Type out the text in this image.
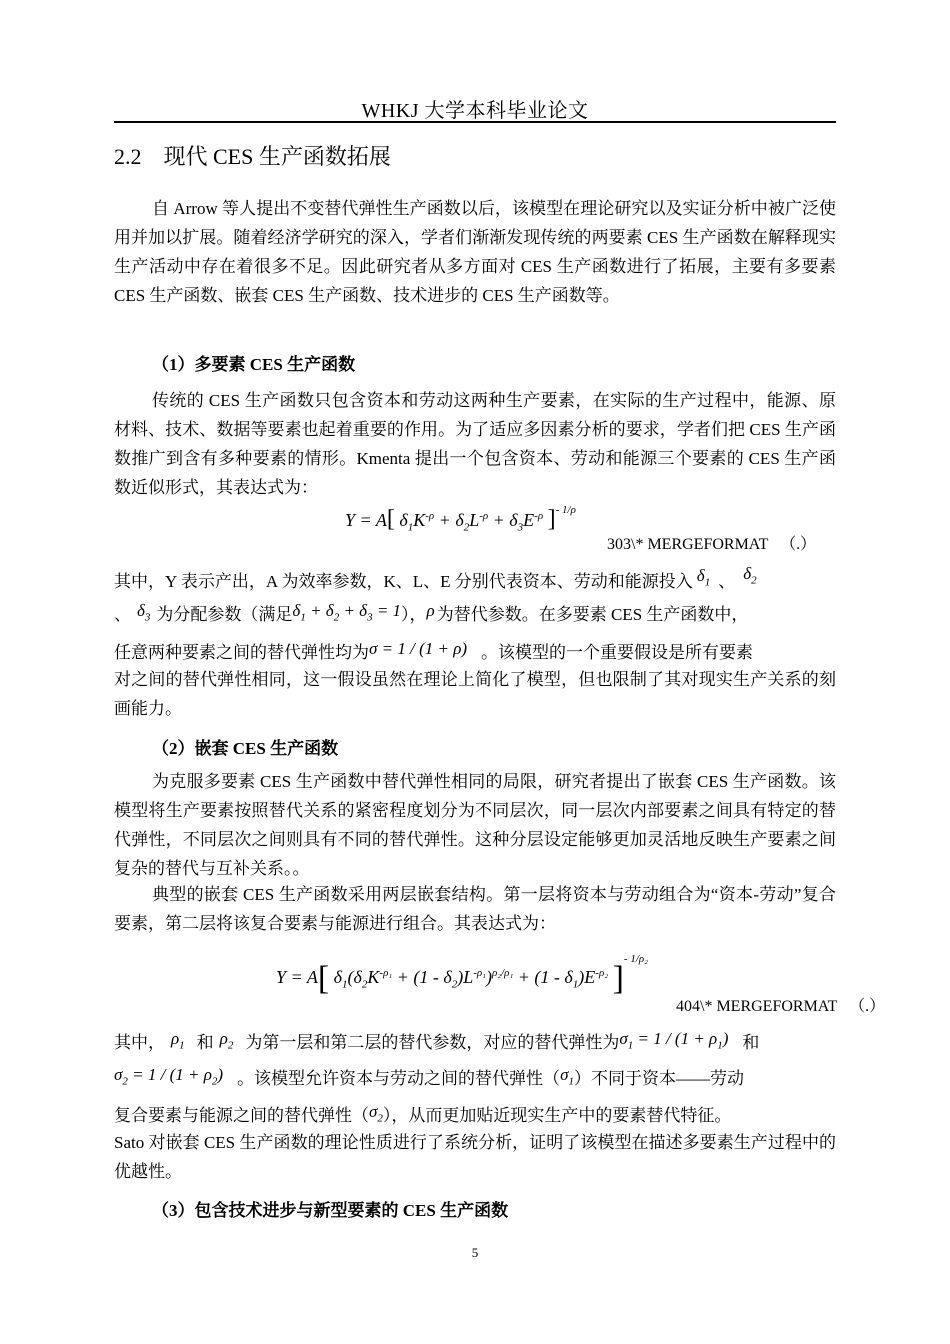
WHKJ 大学本科毕业论文
2.2　现代 CES 生产函数拓展
自 Arrow 等人提出不变替代弹性生产函数以后，该模型在理论研究以及实证分析中被广泛使用并加以扩展。随着经济学研究的深入，学者们渐渐发现传统的两要素 CES 生产函数在解释现实生产活动中存在着很多不足。因此研究者从多方面对 CES 生产函数进行了拓展，主要有多要素 CES 生产函数、嵌套 CES 生产函数、技术进步的 CES 生产函数等。
（1）多要素 CES 生产函数
传统的 CES 生产函数只包含资本和劳动这两种生产要素，在实际的生产过程中，能源、原材料、技术、数据等要素也起着重要的作用。为了适应多因素分析的要求，学者们把 CES 生产函数推广到含有多种要素的情形。Kmenta 提出一个包含资本、劳动和能源三个要素的 CES 生产函数近似形式，其表达式为：
Y = A[ $\delta_1K^{-\rho} + \delta_2L^{-\rho} + \delta_3E^{-\rho}$ ]$^{- 1/\rho}$
303\* MERGEFORMAT 　（.）
其中，Y 表示产出，A 为效率参数，K、L、E 分别代表资本、劳动和能源投入 $\delta_1$ 、 $\delta_2$
、 $\delta_3$ 为分配参数（满足$\delta_1 + \delta_2 + \delta_3 = 1$），ρ 为替代参数。在多要素 CES 生产函数中，
任意两种要素之间的替代弹性均为σ = 1 / (1 + ρ) 。该模型的一个重要假设是所有要素
对之间的替代弹性相同，这一假设虽然在理论上简化了模型，但也限制了其对现实生产关系的刻画能力。
（2）嵌套 CES 生产函数
为克服多要素 CES 生产函数中替代弹性相同的局限，研究者提出了嵌套 CES 生产函数。该模型将生产要素按照替代关系的紧密程度划分为不同层次，同一层次内部要素之间具有特定的替代弹性，不同层次之间则具有不同的替代弹性。这种分层设定能够更加灵活地反映生产要素之间复杂的替代与互补关系。。
典型的嵌套 CES 生产函数采用两层嵌套结构。第一层将资本与劳动组合为“资本-劳动”复合要素，第二层将该复合要素与能源进行组合。其表达式为：
Y = A[ $\delta_1(\delta_2K^{-\rho_1} + (1 - \delta_2)L^{-\rho_1})^{\rho_2/\rho_1} + (1 - \delta_1)E^{-\rho_2}$ ]$^{- 1/\rho_2}$
404\* MERGEFORMAT 　（.）
其中， $\rho_1$ 和 $\rho_2$ 为第一层和第二层的替代参数，对应的替代弹性为$\sigma_1 = 1 / (1 + \rho_1)$ 和
$\sigma_2 = 1 / (1 + \rho_2)$ 。该模型允许资本与劳动之间的替代弹性$(\sigma_1)$不同于资本——劳动
复合要素与能源之间的替代弹性$(\sigma_2)$，从而更加贴近现实生产中的要素替代特征。
Sato 对嵌套 CES 生产函数的理论性质进行了系统分析，证明了该模型在描述多要素生产过程中的优越性。
（3）包含技术进步与新型要素的 CES 生产函数
5
